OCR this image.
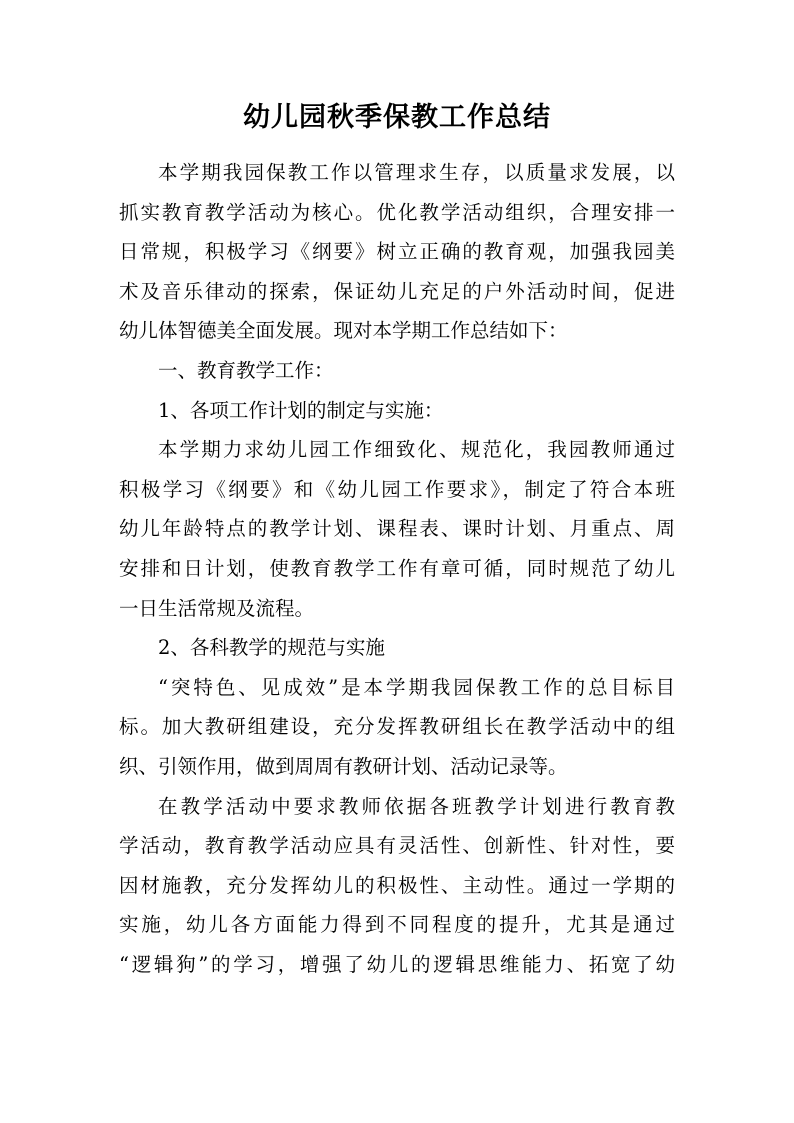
幼儿园秋季保教工作总结
本学期我园保教工作以管理求生存，以质量求发展，以
抓实教育教学活动为核心。优化教学活动组织，合理安排一
日常规，积极学习《纲要》树立正确的教育观，加强我园美
术及音乐律动的探索，保证幼儿充足的户外活动时间，促进
幼儿体智德美全面发展。现对本学期工作总结如下：
一、教育教学工作：
1、各项工作计划的制定与实施：
本学期力求幼儿园工作细致化、规范化，我园教师通过
积极学习《纲要》和《幼儿园工作要求》，制定了符合本班
幼儿年龄特点的教学计划、课程表、课时计划、月重点、周
安排和日计划，使教育教学工作有章可循，同时规范了幼儿
一日生活常规及流程。
2、各科教学的规范与实施
“突特色、见成效”是本学期我园保教工作的总目标目
标。加大教研组建设，充分发挥教研组长在教学活动中的组
织、引领作用，做到周周有教研计划、活动记录等。
在教学活动中要求教师依据各班教学计划进行教育教
学活动，教育教学活动应具有灵活性、创新性、针对性，要
因材施教，充分发挥幼儿的积极性、主动性。通过一学期的
实施，幼儿各方面能力得到不同程度的提升，尤其是通过
“逻辑狗”的学习，增强了幼儿的逻辑思维能力、拓宽了幼
